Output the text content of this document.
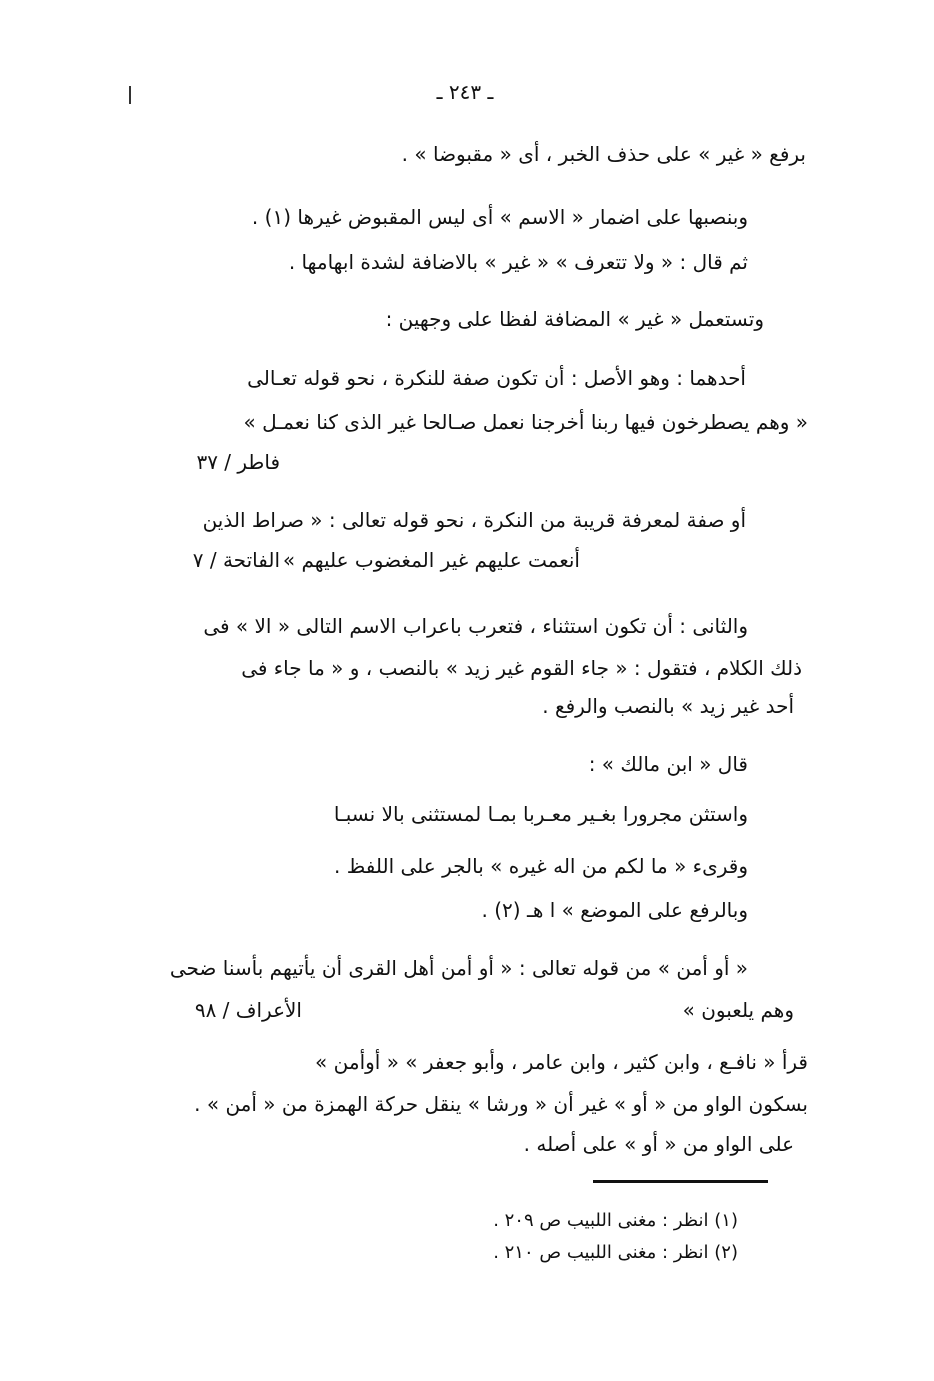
ـ ٢٤٣ ـ
برفع « غير » على حذف الخبر ، أى « مقبوضا » .
وبنصبها على اضمار « الاسم » أى ليس المقبوض غيرها (١) .
ثم قال : « ولا تتعرف » « غير » بالاضافة لشدة ابهامها .
وتستعمل « غير » المضافة لفظا على وجهين :
أحدهما : وهو الأصل : أن تكون صفة للنكرة ، نحو قوله تعـالى
« وهم يصطرخون فيها ربنا أخرجنا نعمل صـالحا غير الذى كنا نعمـل »
فاطر / ٣٧
أو صفة لمعرفة قريبة من النكرة ، نحو قوله تعالى : « صراط الذين
أنعمت عليهم غير المغضوب عليهم »
الفاتحة / ٧
والثانى : أن تكون استثناء ، فتعرب باعراب الاسم التالى « الا » فى
ذلك الكلام ، فتقول : « جاء القوم غير زيد » بالنصب ، و « ما جاء فى
أحد غير زيد » بالنصب والرفع .
قال « ابن مالك » :
واستثن مجرورا بغـير معـربا بمـا لمستثنى بالا نسبـا
وقرىء « ما لكم من اله غيره » بالجر على اللفظ .
وبالرفع على الموضع » ا هـ (٢) .
« أو أمن » من قوله تعالى : « أو أمن أهل القرى أن يأتيهم بأسنا ضحى
وهم يلعبون »
الأعراف / ٩٨
قرأ « نافـع ، وابن كثير ، وابن عامر ، وأبو جعفر » « أوأمن »
بسكون الواو من « أو » غير أن « ورشا » ينقل حركة الهمزة من « أمن » .
على الواو من « أو » على أصله .
(١) انظر : مغنى اللبيب ص ٢٠٩ .
(٢) انظر : مغنى اللبيب ص ٢١٠ .
